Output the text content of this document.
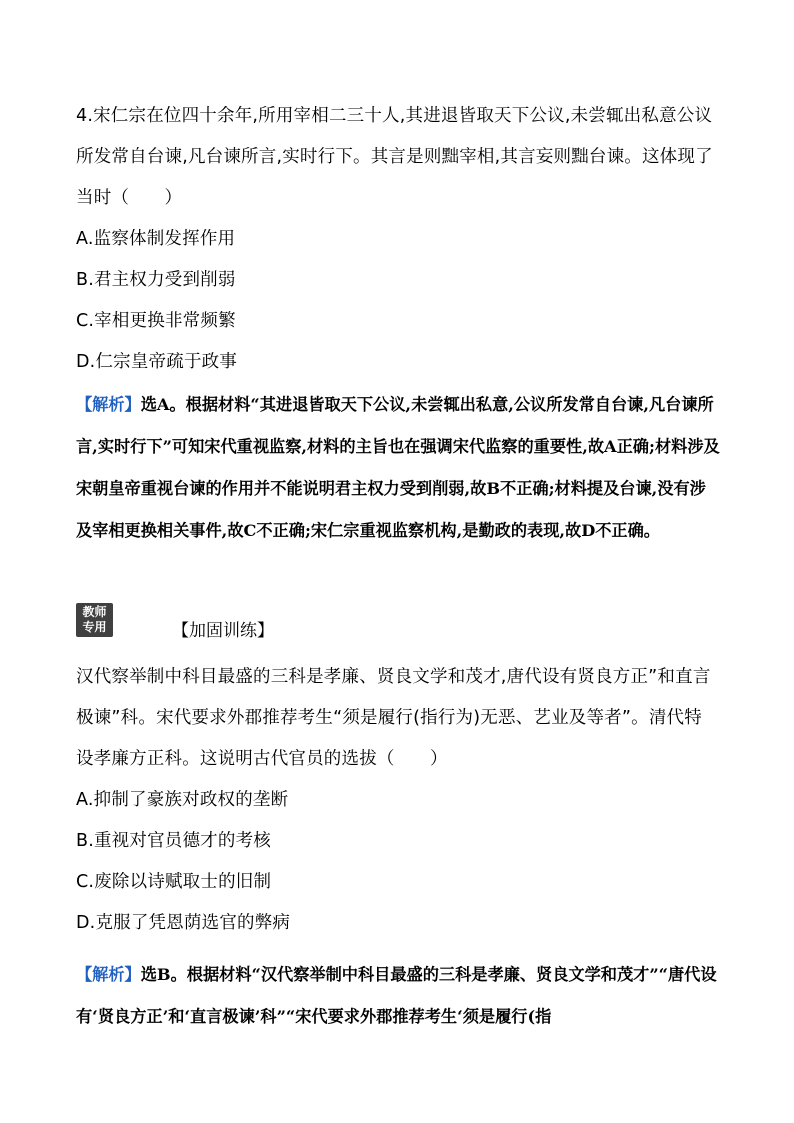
4.宋仁宗在位四十余年,所用宰相二三十人,其进退皆取天下公议,未尝辄出私意公议所发常自台谏,凡台谏所言,实时行下。其言是则黜宰相,其言妄则黜台谏。这体现了当时（　　）
A.监察体制发挥作用
B.君主权力受到削弱
C.宰相更换非常频繁
D.仁宗皇帝疏于政事
【解析】选A。根据材料“其进退皆取天下公议,未尝辄出私意,公议所发常自台谏,凡台谏所言,实时行下”可知宋代重视监察,材料的主旨也在强调宋代监察的重要性,故A正确;材料涉及宋朝皇帝重视台谏的作用并不能说明君主权力受到削弱,故B不正确;材料提及台谏,没有涉及宰相更换相关事件,故C不正确;宋仁宗重视监察机构,是勤政的表现,故D不正确。
教师
专用	【加固训练】
汉代察举制中科目最盛的三科是孝廉、贤良文学和茂才,唐代设有贤良方正”和直言极谏”科。宋代要求外郡推荐考生“须是履行(指行为)无恶、艺业及等者”。清代特设孝廉方正科。这说明古代官员的选拔（　　）
A.抑制了豪族对政权的垄断
B.重视对官员德才的考核
C.废除以诗赋取士的旧制
D.克服了凭恩荫选官的弊病
【解析】选B。根据材料“汉代察举制中科目最盛的三科是孝廉、贤良文学和茂才”“唐代设有‘贤良方正’和‘直言极谏’科”“宋代要求外郡推荐考生‘须是履行(指
